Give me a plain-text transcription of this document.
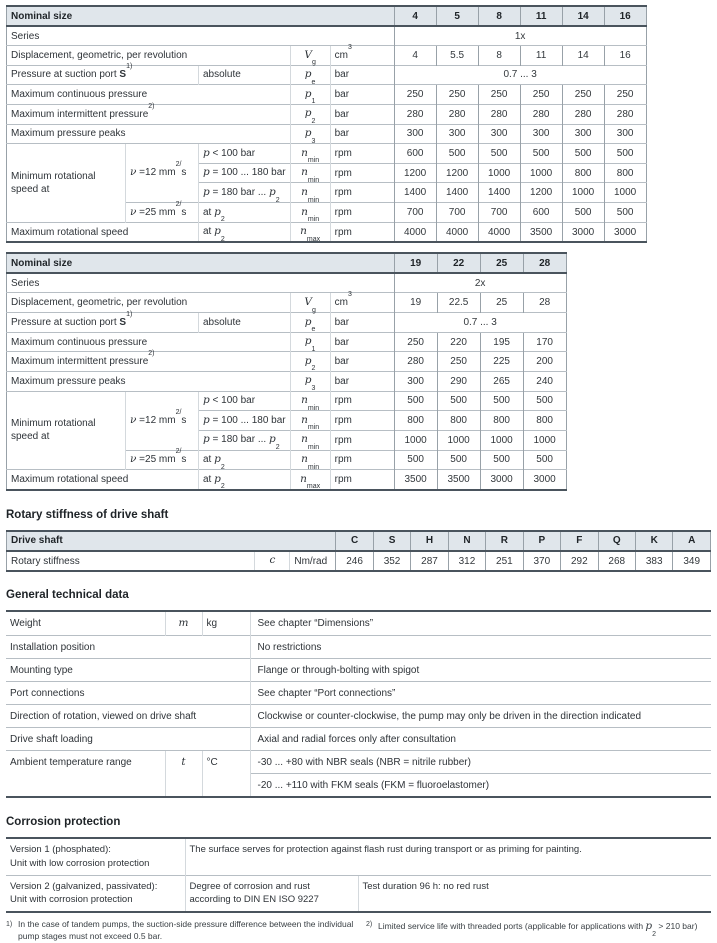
Nominal size					4	5	8	11	14	16
Series					1x					
Displacement, geometric, per revolution			$V_g$	$cm^3$	4	5.5	8	11	14	16
Pressure at suction port $S^{1)}$		absolute	$p_e$	bar	0.7 ... 3					
Maximum continuous pressure			$p_1$	bar	250	250	250	250	250	250
Maximum intermittent pressure$^{2)}$			$p_2$	bar	280	280	280	280	280	280
Maximum pressure peaks			$p_3$	bar	300	300	300	300	300	300
Minimum rotational speed at	ν =12 $mm^{2/}s$	p < 100 bar	$n_{min}$	rpm	600	500	500	500	500	500
		p = 100 ... 180 bar	$n_{min}$	rpm	1200	1200	1000	1000	800	800
		p = 180 bar ... $p_2$	$n_{min}$	rpm	1400	1400	1400	1200	1000	1000
	ν =25 $mm^{2/}s$	at $p_2$	$n_{min}$	rpm	700	700	700	600	500	500
Maximum rotational speed		at $p_2$	$n_{max}$	rpm	4000	4000	4000	3500	3000	3000
Nominal size					19	22	25	28
Series					2x			
Displacement, geometric, per revolution			$V_g$	$cm^3$	19	22.5	25	28
Pressure at suction port $S^{1)}$		absolute	$p_e$	bar	0.7 ... 3			
Maximum continuous pressure			$p_1$	bar	250	220	195	170
Maximum intermittent pressure$^{2)}$			$p_2$	bar	280	250	225	200
Maximum pressure peaks			$p_3$	bar	300	290	265	240
Minimum rotational speed at	ν =12 $mm^{2/}s$	p < 100 bar	$n_{min}$	rpm	500	500	500	500
		p = 100 ... 180 bar	$n_{min}$	rpm	800	800	800	800
		p = 180 bar ... $p_2$	$n_{min}$	rpm	1000	1000	1000	1000
	ν =25 $mm^{2/}s$	at $p_2$	$n_{min}$	rpm	500	500	500	500
Maximum rotational speed		at $p_2$	$n_{max}$	rpm	3500	3500	3000	3000
Rotary stiffness of drive shaft
Drive shaft			C	S	H	N	R	P	F	Q	K	A
Rotary stiffness	c	Nm/rad	246	352	287	312	251	370	292	268	383	349
General technical data
Weight	m	kg	See chapter “Dimensions”
Installation position			No restrictions
Mounting type			Flange or through-bolting with spigot
Port connections			See chapter “Port connections”
Direction of rotation, viewed on drive shaft			Clockwise or counter-clockwise, the pump may only be driven in the direction indicated
Drive shaft loading			Axial and radial forces only after consultation
Ambient temperature range	t	°C	-30 ... +80 with NBR seals (NBR = nitrile rubber)
			-20 ... +110 with FKM seals (FKM = fluoroelastomer)
Corrosion protection
Version 1 (phosphated):
Unit with low corrosion protection	The surface serves for protection against flash rust during transport or as priming for painting.	
Version 2 (galvanized, passivated):
Unit with corrosion protection	Degree of corrosion and rust according to DIN EN ISO 9227	Test duration 96 h: no red rust
1) In the case of tandem pumps, the suction-side pressure difference between the individual pump stages must not exceed 0.5 bar.
2) Limited service life with threaded ports (applicable for applications with $p_2 > 210$ bar)
